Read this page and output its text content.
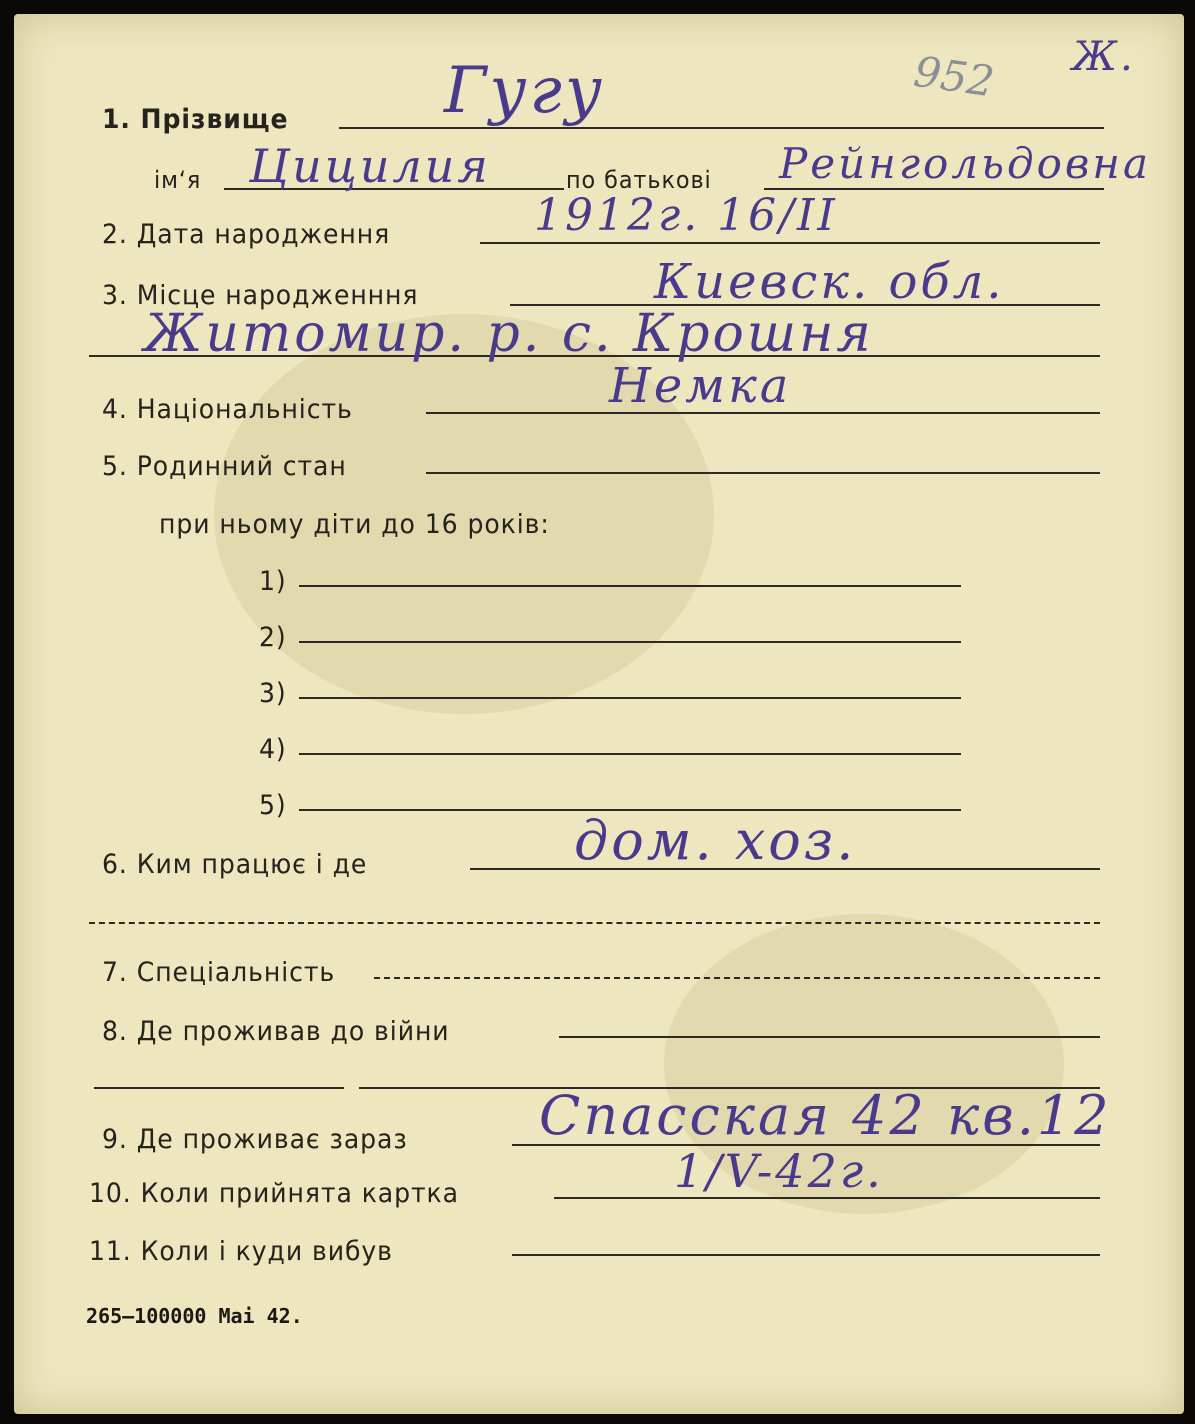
952 Ж.
1. Прізвище Гугу
ім‘я Цицилия	по батькові Рейнгольдовна
2. Дата народження	1912г. 16/II
3. Місце народженння	Киевск. обл.
Житомир. р. с. Крошня
4. Національність	Немка
5. Родинний стан
при ньому діти до 16 років:
1)
2)
3)
4)
5)
6. Ким працює і де	дом. хоз.
7. Спеціальність
8. Де проживав до війни
9. Де проживає зараз Спасская 42 кв.12
10. Коли прийнята картка	1/V-42г.
11. Коли і куди вибув
265—100000 Mai 42.
